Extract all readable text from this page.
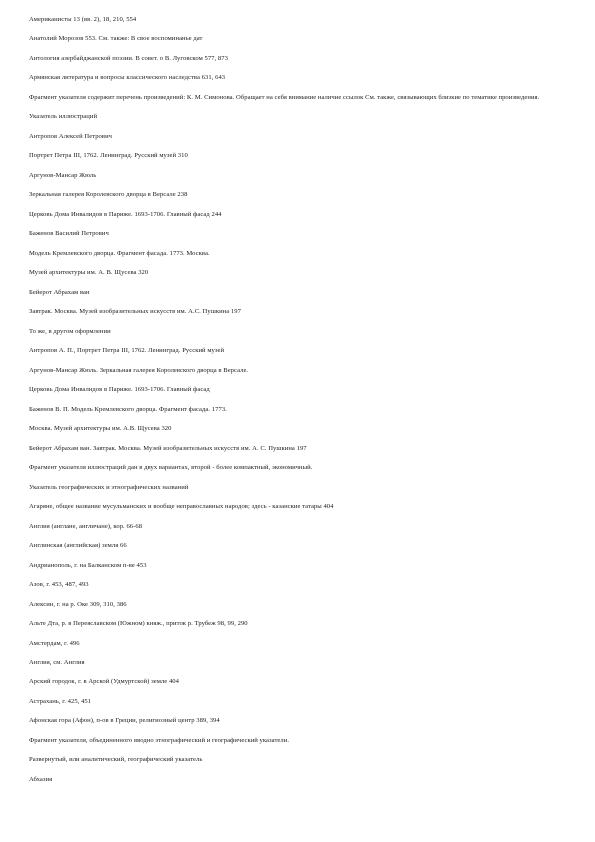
Американисты 13 (вв. 2), 18, 210, 554
Анатолий Морозов 553. См. также: В свое воспоминанье дат
Антология азербайджанской поэзии. В совет. о В. Луговском 577, 873
Армянская литература и вопросы классического наследства 631, 643
Фрагмент указателя содержит перечень произведений: К. М. Симонова. Обращает на себя внимание наличие ссылок См. также, связывающих близкие по тематике произведения.
Указатель иллюстраций
Антропов Алексей Петрович
Портрет Петра III, 1762. Ленинград. Русский музей 310
Аргунов-Мансар Жюль
Зеркальная галерея Королевского дворца в Версале 238
Церковь Дома Инвалидов в Париже. 1693-1706. Главный фасад 244
Баженов Василий Петрович
Модель Кремлевского дворца. Фрагмент фасада. 1773. Москва.
Музей архитектуры им. А. В. Щусева 320
Бейерот Абрахам ван
Завтрак. Москва. Музей изобразительных искусств им. А.С. Пушкина 197
То же, в другом оформлении
Антропов А. П., Портрет Петра III, 1762. Ленинград. Русский музей
Аргунов-Мансар Жюль. Зеркальная галерея Королевского дворца в Версале.
Церковь Дома Инвалидов в Париже. 1693-1706. Главный фасад
Баженов В. П. Модель Кремлевского дворца. Фрагмент фасада. 1773.
Москва. Музей архитектуры им. А.В. Щусева 320
Бейерот Абрахам ван. Завтрак. Москва. Музей изобразительных искусств им. А. С. Пушкина 197
Фрагмент указателя иллюстраций дан в двух вариантах, второй - более компактный, экономичный.
Указатель географических и этнографических названий
Агаряне, общее название мусульманских и вообще неправославных народов; здесь - казанские татары 404
Англия (англане, англичане), кор. 66-68
Англинская (английская) земля 66
Андрианополь, г. на Балканском п-ве 453
Азов, г. 453, 487, 493
Алексин, г. на р. Оке 309, 310, 386
Альте Дта, р. в Переяславском (Южном) княж., приток р. Трубеж 98, 99, 290
Амстердам, г. 496
Англия, см. Англия
Арский городок, г. в Арской (Удмуртской) земле 404
Астрахань, г. 425, 451
Афонская гора (Афон), п-ов в Греции, религиозный центр 389, 394
Фрагмент указателя, объединенного вводно этнографический и географический указатели.
Развернутый, или аналитический, географический указатель
Абхазия
